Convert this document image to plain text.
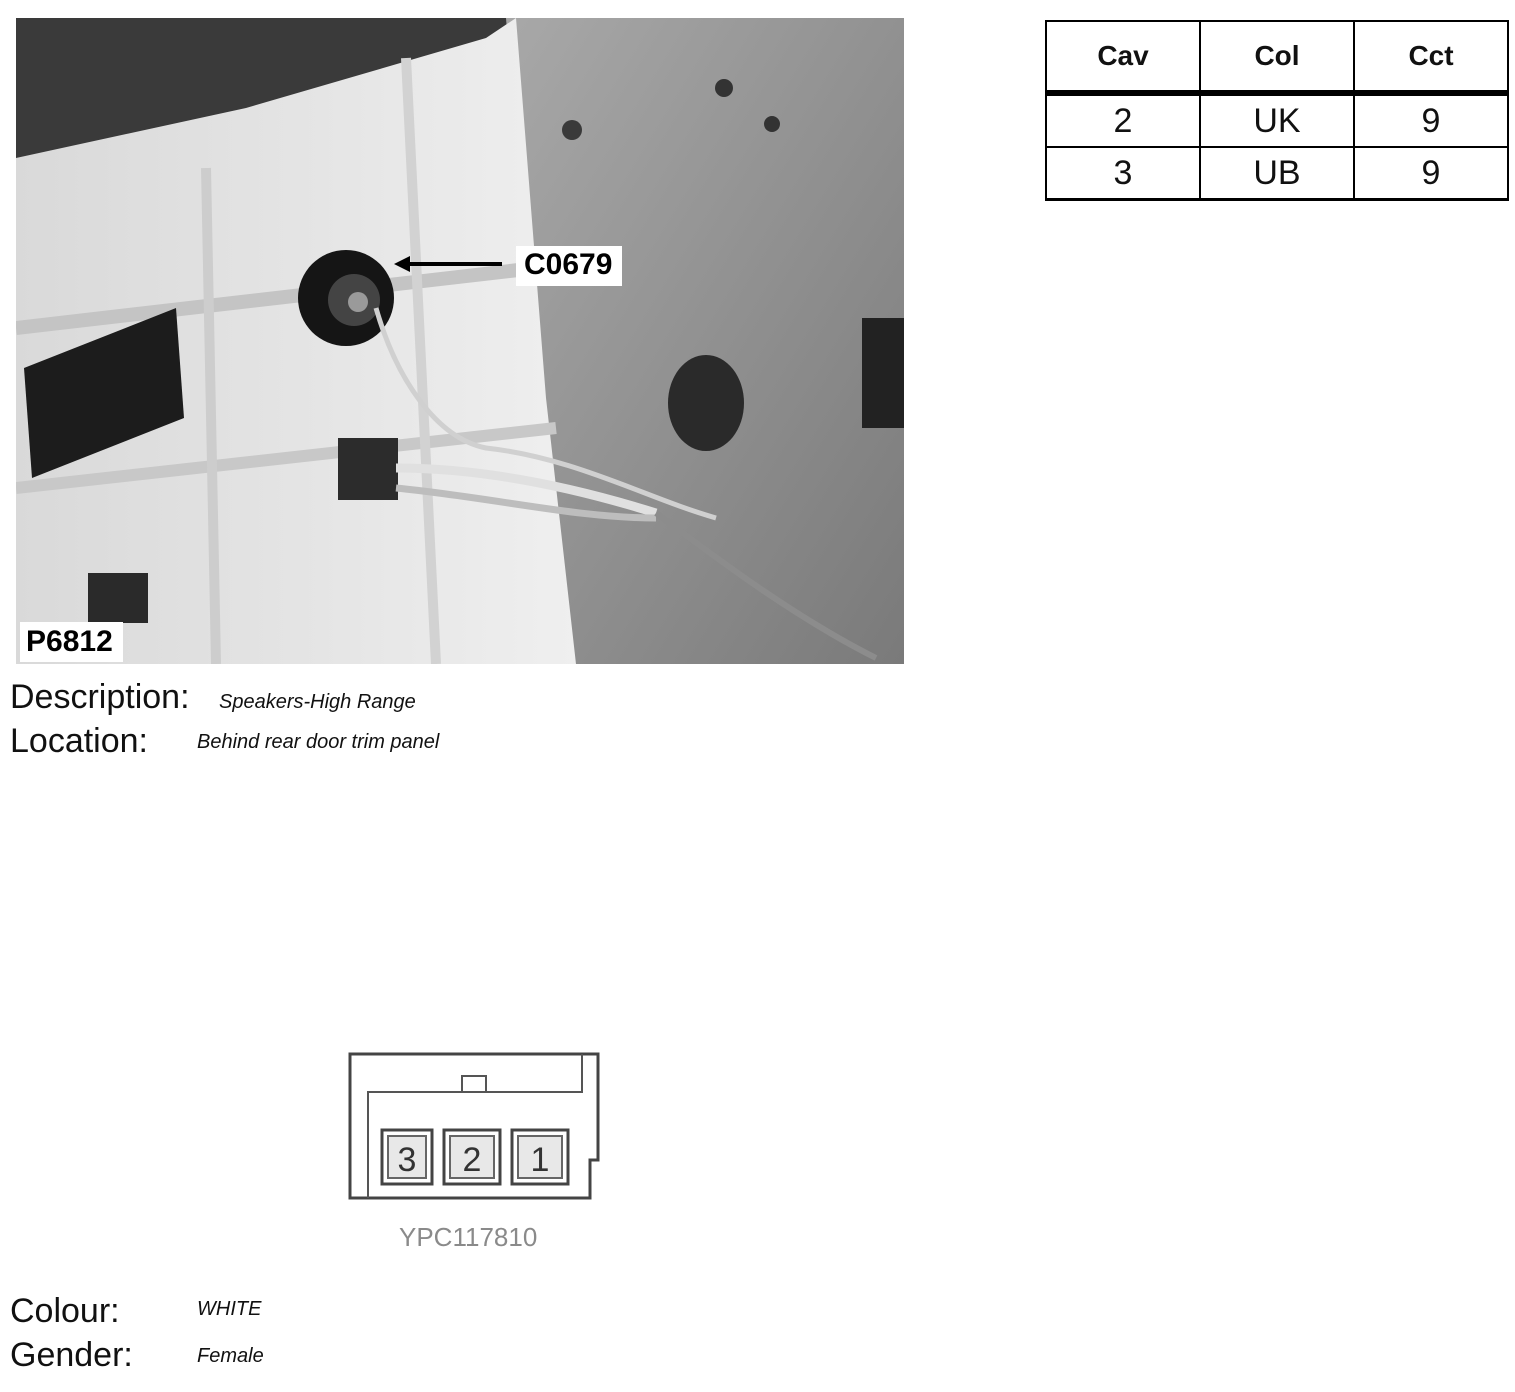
C0679
P6812
Cav	Col	Cct
2	UK	9
3	UB	9
Description: Speakers-High Range
Location: Behind rear door trim panel
3 2 1
YPC117810
Colour:	WHITE
Gender:	Female
